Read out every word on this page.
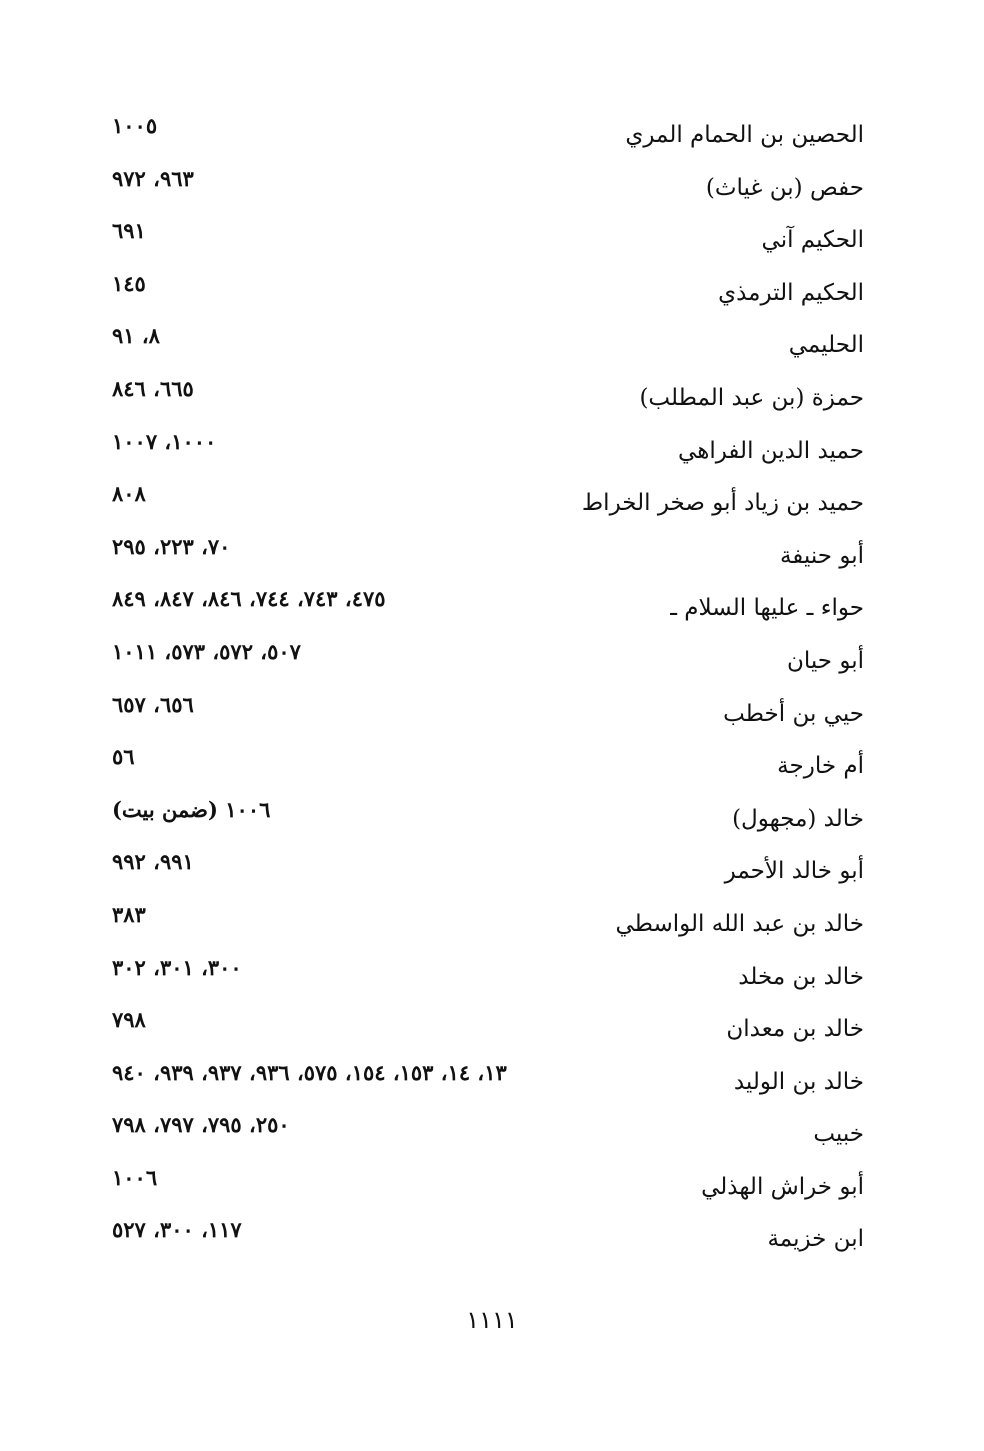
الحصين بن الحمام المري
١٠٠٥
حفص (بن غياث)
٩٦٣، ٩٧٢
الحكيم آني
٦٩١
الحكيم الترمذي
١٤٥
الحليمي
٨، ٩١
حمزة (بن عبد المطلب)
٦٦٥، ٨٤٦
حميد الدين الفراهي
١٠٠٠، ١٠٠٧
حميد بن زياد أبو صخر الخراط
٨٠٨
أبو حنيفة
٧٠، ٢٢٣، ٢٩٥
حواء ـ عليها السلام ـ
٤٧٥، ٧٤٣، ٧٤٤، ٨٤٦، ٨٤٧، ٨٤٩
أبو حيان
٥٠٧، ٥٧٢، ٥٧٣، ١٠١١
حيي بن أخطب
٦٥٦، ٦٥٧
أم خارجة
٥٦
خالد (مجهول)
١٠٠٦ (ضمن بيت)
أبو خالد الأحمر
٩٩١، ٩٩٢
خالد بن عبد الله الواسطي
٣٨٣
خالد بن مخلد
٣٠٠، ٣٠١، ٣٠٢
خالد بن معدان
٧٩٨
خالد بن الوليد
١٣، ١٤، ١٥٣، ١٥٤، ٥٧٥، ٩٣٦، ٩٣٧، ٩٣٩، ٩٤٠
خبيب
٢٥٠، ٧٩٥، ٧٩٧، ٧٩٨
أبو خراش الهذلي
١٠٠٦
ابن خزيمة
١١٧، ٣٠٠، ٥٢٧
١١١١
